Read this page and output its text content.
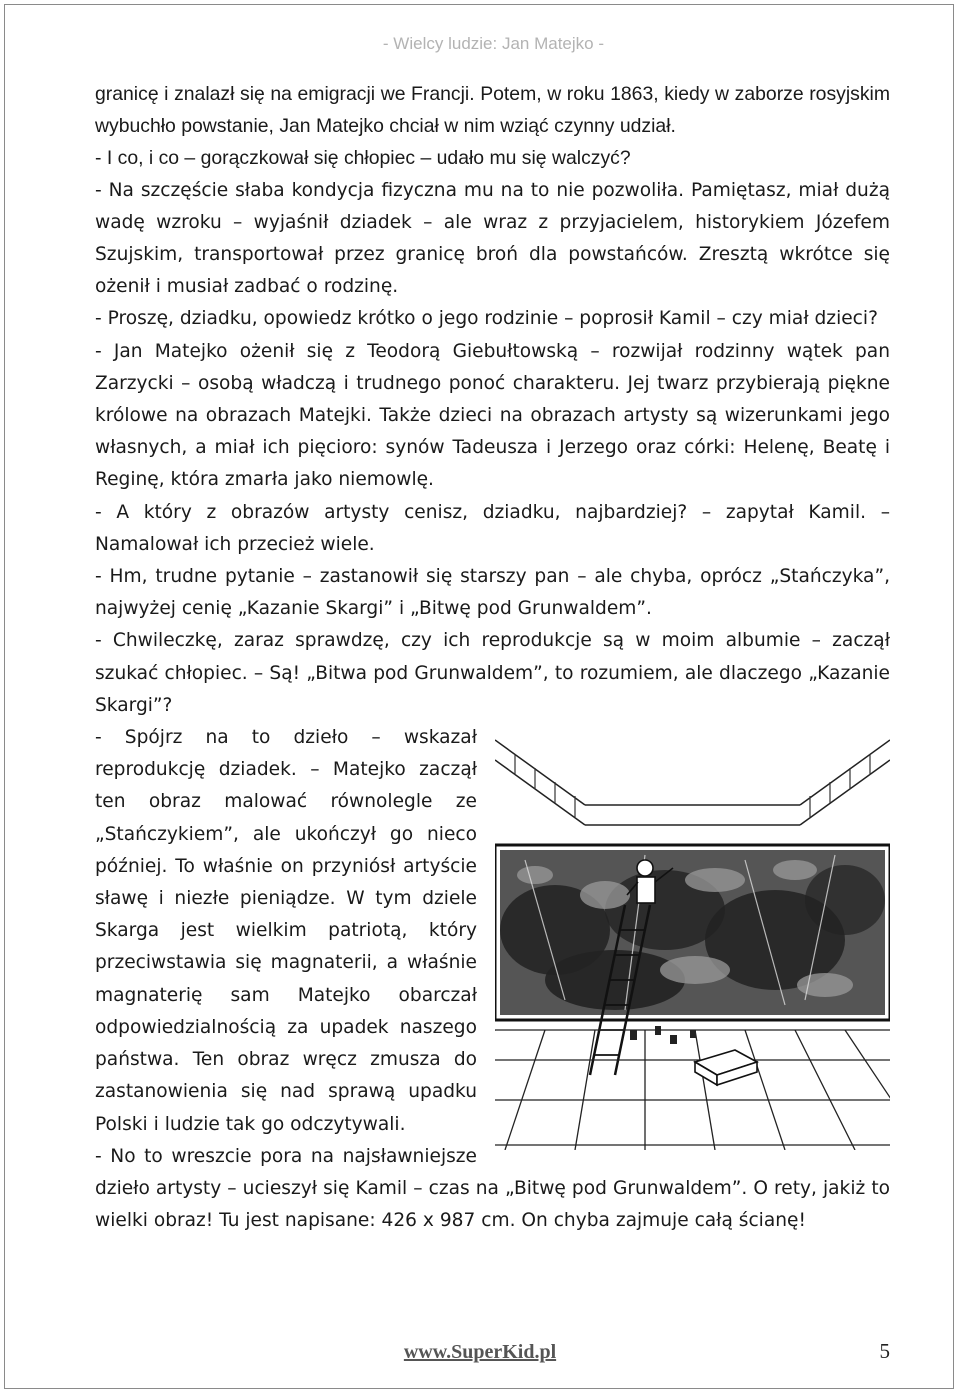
- Wielcy ludzie: Jan Matejko -

granicę i znalazł się na emigracji we Francji. Potem, w roku 1863, kiedy w zaborze rosyjskim wybuchło powstanie, Jan Matejko chciał w nim wziąć czynny udział.

- I co, i co – gorączkował się chłopiec – udało mu się walczyć?

- Na szczęście słaba kondycja fizyczna mu na to nie pozwoliła. Pamiętasz, miał dużą wadę wzroku – wyjaśnił dziadek – ale wraz z przyjacielem, historykiem Józefem Szujskim, transportował przez granicę broń dla powstańców. Zresztą wkrótce się ożenił i musiał zadbać o rodzinę.

- Proszę, dziadku, opowiedz krótko o jego rodzinie – poprosił Kamil – czy miał dzieci?

- Jan Matejko ożenił się z Teodorą Giebułtowską – rozwijał rodzinny wątek pan Zarzycki – osobą władczą i trudnego ponoć charakteru. Jej twarz przybierają piękne królowe na obrazach Matejki. Także dzieci na obrazach artysty są wizerunkami jego własnych, a miał ich pięcioro: synów Tadeusza i Jerzego oraz córki: Helenę, Beatę i Reginę, która zmarła jako niemowlę.

- A który z obrazów artysty cenisz, dziadku, najbardziej? – zapytał Kamil. – Namalował ich przecież wiele.

- Hm, trudne pytanie – zastanowił się starszy pan – ale chyba, oprócz „Stańczyka”, najwyżej cenię „Kazanie Skargi” i „Bitwę pod Grunwaldem”.

- Chwileczkę, zaraz sprawdzę, czy ich reprodukcje są w moim albumie – zaczął szukać chłopiec. – Są! „Bitwa pod Grunwaldem”, to rozumiem, ale dlaczego „Kazanie Skargi”?

- Spójrz na to dzieło – wskazał reprodukcję dziadek. – Matejko zaczął ten obraz malować równolegle ze „Stańczykiem”, ale ukończył go nieco później. To właśnie on przyniósł artyście sławę i niezłe pieniądze. W tym dziele Skarga jest wielkim patriotą, który przeciwstawia się magnaterii, a właśnie magnaterię sam Matejko obarczał odpowiedzialnością za upadek naszego państwa. Ten obraz wręcz zmusza do zastanowienia się nad sprawą upadku Polski i ludzie tak go odczytywali.

- No to wreszcie pora na najsławniejsze dzieło artysty – ucieszył się Kamil – czas na „Bitwę pod Grunwaldem”. O rety, jakiż to wielki obraz! Tu jest napisane: 426 x 987 cm. On chyba zajmuje całą ścianę!

www.SuperKid.pl	5
